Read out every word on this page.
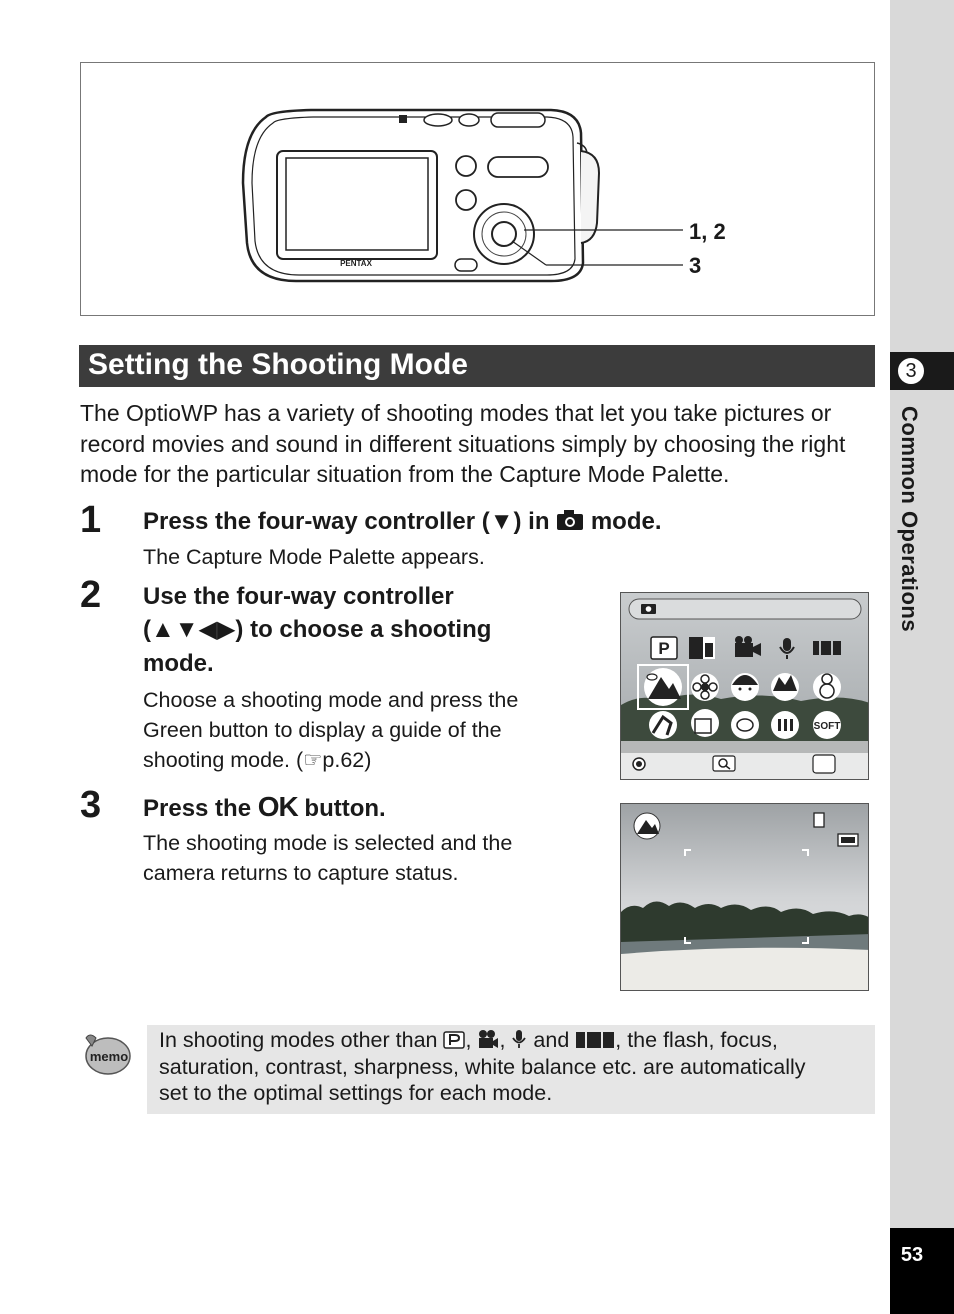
3
Common Operations
53
PENTAX
1, 2
3
Setting the Shooting Mode
The OptioWP has a variety of shooting modes that let you take pictures or record movies and sound in different situations simply by choosing the right mode for the particular situation from the Capture Mode Palette.
1 Press the four-way controller (▼) in mode.
The Capture Mode Palette appears.
2 Use the four-way controller
(▲▼◀▶) to choose a shooting
mode.
Choose a shooting mode and press the
Green button to display a guide of the
shooting mode. (☞p.62)
P
SOFT
3 Press the OK button.
The shooting mode is selected and the
camera returns to capture status.
memo
In shooting modes other than , , and , the flash, focus,
saturation, contrast, sharpness, white balance etc. are automatically
set to the optimal settings for each mode.
